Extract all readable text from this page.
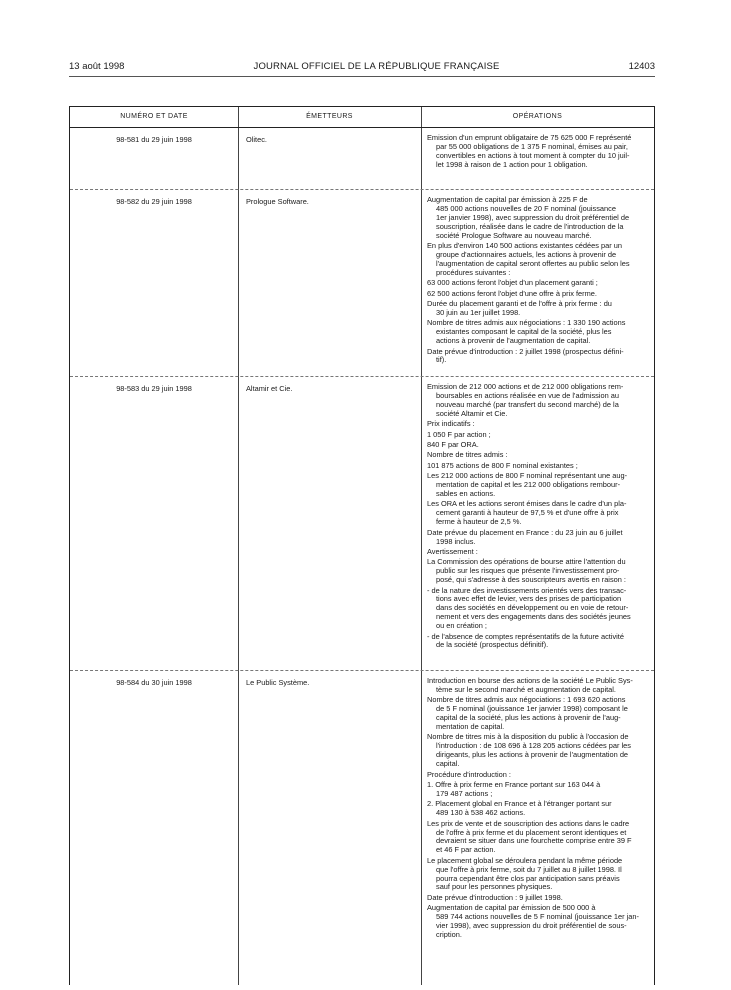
13 août 1998	JOURNAL OFFICIEL DE LA RÉPUBLIQUE FRANÇAISE	12403
NUMÉRO ET DATE	ÉMETTEURS	OPÉRATIONS
98-581 du 29 juin 1998	Olitec.	Emission d'un emprunt obligataire de 75 625 000 F représenté
par 55 000 obligations de 1 375 F nominal, émises au pair,
convertibles en actions à tout moment à compter du 10 juil-
let 1998 à raison de 1 action pour 1 obligation.

98-582 du 29 juin 1998	Prologue Software.	Augmentation de capital par émission à 225 F de
485 000 actions nouvelles de 20 F nominal (jouissance
1er janvier 1998), avec suppression du droit préférentiel de
souscription, réalisée dans le cadre de l'introduction de la
société Prologue Software au nouveau marché.

En plus d'environ 140 500 actions existantes cédées par un
groupe d'actionnaires actuels, les actions à provenir de
l'augmentation de capital seront offertes au public selon les
procédures suivantes :

63 000 actions feront l'objet d'un placement garanti ;

62 500 actions feront l'objet d'une offre à prix ferme.

Durée du placement garanti et de l'offre à prix ferme : du
30 juin au 1er juillet 1998.

Nombre de titres admis aux négociations : 1 330 190 actions
existantes composant le capital de la société, plus les
actions à provenir de l'augmentation de capital.

Date prévue d'introduction : 2 juillet 1998 (prospectus défini-
tif).

98-583 du 29 juin 1998	Altamir et Cie.	Emission de 212 000 actions et de 212 000 obligations rem-
boursables en actions réalisée en vue de l'admission au
nouveau marché (par transfert du second marché) de la
société Altamir et Cie.

Prix indicatifs :

1 050 F par action ;

840 F par ORA.

Nombre de titres admis :

101 875 actions de 800 F nominal existantes ;

Les 212 000 actions de 800 F nominal représentant une aug-
mentation de capital et les 212 000 obligations rembour-
sables en actions.

Les ORA et les actions seront émises dans le cadre d'un pla-
cement garanti à hauteur de 97,5 % et d'une offre à prix
ferme à hauteur de 2,5 %.

Date prévue du placement en France : du 23 juin au 6 juillet
1998 inclus.

Avertissement :

La Commission des opérations de bourse attire l'attention du
public sur les risques que présente l'investissement pro-
posé, qui s'adresse à des souscripteurs avertis en raison :

- de la nature des investissements orientés vers des transac-
tions avec effet de levier, vers des prises de participation
dans des sociétés en développement ou en voie de retour-
nement et vers des engagements dans des sociétés jeunes
ou en création ;

- de l'absence de comptes représentatifs de la future activité
de la société (prospectus définitif).

98-584 du 30 juin 1998	Le Public Système.	Introduction en bourse des actions de la société Le Public Sys-
tème sur le second marché et augmentation de capital.

Nombre de titres admis aux négociations : 1 693 620 actions
de 5 F nominal (jouissance 1er janvier 1998) composant le
capital de la société, plus les actions à provenir de l'aug-
mentation de capital.

Nombre de titres mis à la disposition du public à l'occasion de
l'introduction : de 108 696 à 128 205 actions cédées par les
dirigeants, plus les actions à provenir de l'augmentation de
capital.

Procédure d'introduction :

1. Offre à prix ferme en France portant sur 163 044 à
179 487 actions ;

2. Placement global en France et à l'étranger portant sur
489 130 à 538 462 actions.

Les prix de vente et de souscription des actions dans le cadre
de l'offre à prix ferme et du placement seront identiques et
devraient se situer dans une fourchette comprise entre 39 F
et 46 F par action.

Le placement global se déroulera pendant la même période
que l'offre à prix ferme, soit du 7 juillet au 8 juillet 1998. Il
pourra cependant être clos par anticipation sans préavis
sauf pour les personnes physiques.

Date prévue d'introduction : 9 juillet 1998.

Augmentation de capital par émission de 500 000 à
589 744 actions nouvelles de 5 F nominal (jouissance 1er jan-
vier 1998), avec suppression du droit préférentiel de sous-
cription.
